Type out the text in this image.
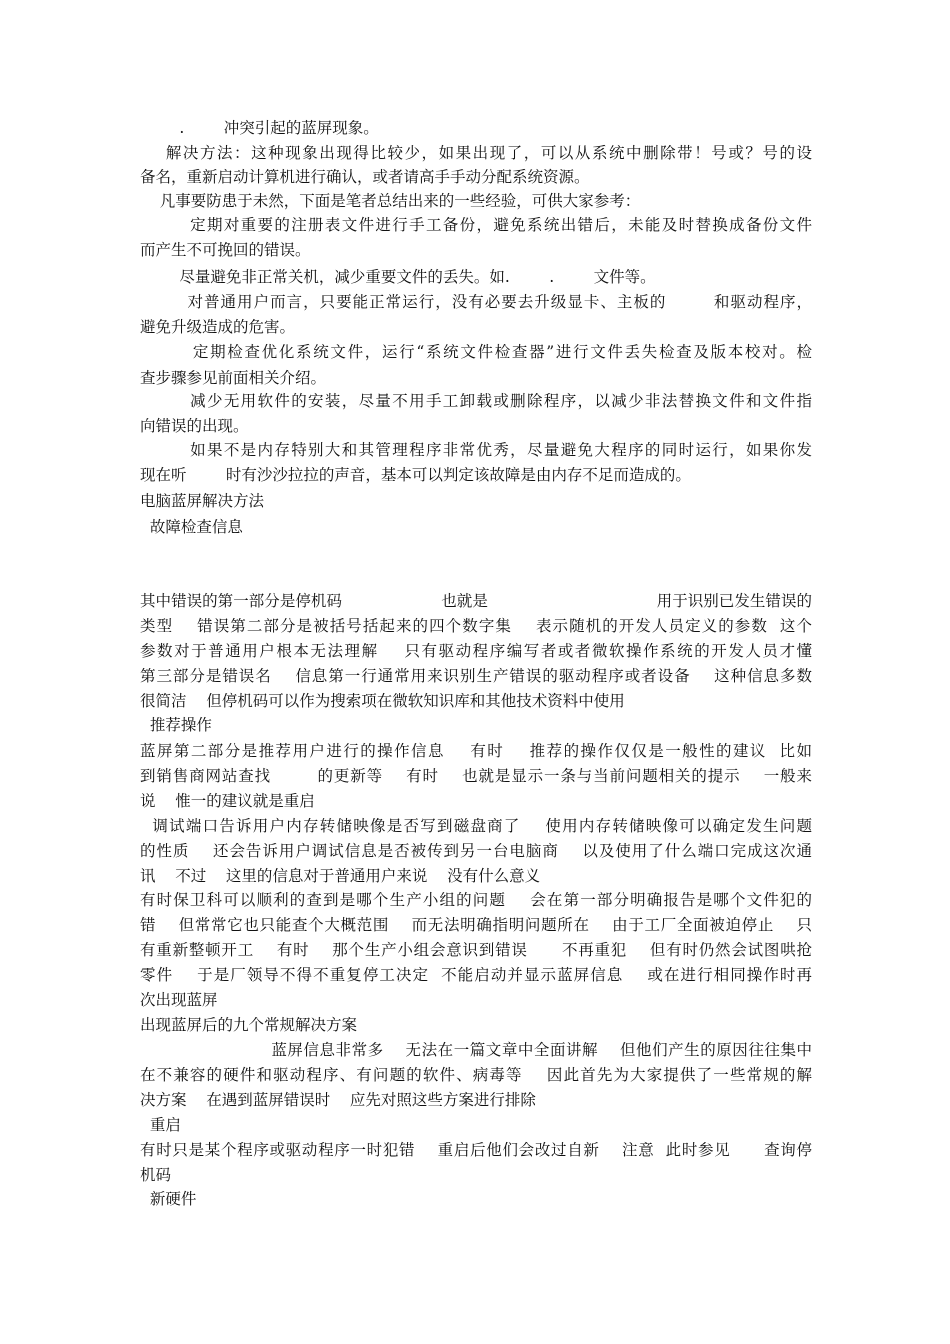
.        冲突引起的蓝屏现象。
解决方法：这种现象出现得比较少，如果出现了，可以从系统中删除带！号或？号的设
备名，重新启动计算机进行确认，或者请高手手动分配系统资源。
凡事要防患于未然，下面是笔者总结出来的一些经验，可供大家参考：
定期对重要的注册表文件进行手工备份，避免系统出错后，未能及时替换成备份文件
而产生不可挽回的错误。
尽量避免非正常关机，减少重要文件的丢失。如.        .        文件等。
对普通用户而言，只要能正常运行，没有必要去升级显卡、主板的        和驱动程序，
避免升级造成的危害。
定期检查优化系统文件，运行“系统文件检查器”进行文件丢失检查及版本校对。检
查步骤参见前面相关介绍。
减少无用软件的安装，尽量不用手工卸载或删除程序，以减少非法替换文件和文件指
向错误的出现。
如果不是内存特别大和其管理程序非常优秀，尽量避免大程序的同时运行，如果你发
现在听        时有沙沙拉拉的声音，基本可以判定该故障是由内存不足而造成的。
电脑蓝屏解决方法
故障检查信息
其中错误的第一部分是停机码                    也就是                                  用于识别已发生错误的
类型    错误第二部分是被括号括起来的四个数字集    表示随机的开发人员定义的参数  这个
参数对于普通用户根本无法理解    只有驱动程序编写者或者微软操作系统的开发人员才懂
第三部分是错误名    信息第一行通常用来识别生产错误的驱动程序或者设备    这种信息多数
很简洁    但停机码可以作为搜索项在微软知识库和其他技术资料中使用
推荐操作
蓝屏第二部分是推荐用户进行的操作信息    有时    推荐的操作仅仅是一般性的建议  比如
到销售商网站查找        的更新等    有时    也就是显示一条与当前问题相关的提示    一般来
说    惟一的建议就是重启
调试端口告诉用户内存转储映像是否写到磁盘商了    使用内存转储映像可以确定发生问题
的性质    还会告诉用户调试信息是否被传到另一台电脑商    以及使用了什么端口完成这次通
讯    不过    这里的信息对于普通用户来说    没有什么意义
有时保卫科可以顺利的查到是哪个生产小组的问题    会在第一部分明确报告是哪个文件犯的
错    但常常它也只能查个大概范围    而无法明确指明问题所在    由于工厂全面被迫停止    只
有重新整顿开工    有时    那个生产小组会意识到错误      不再重犯    但有时仍然会试图哄抢
零件    于是厂领导不得不重复停工决定  不能启动并显示蓝屏信息    或在进行相同操作时再
次出现蓝屏
出现蓝屏后的九个常规解决方案
蓝屏信息非常多    无法在一篇文章中全面讲解    但他们产生的原因往往集中
在不兼容的硬件和驱动程序、有问题的软件、病毒等    因此首先为大家提供了一些常规的解
决方案    在遇到蓝屏错误时    应先对照这些方案进行排除
重启
有时只是某个程序或驱动程序一时犯错    重启后他们会改过自新    注意  此时参见      查询停
机码
新硬件
